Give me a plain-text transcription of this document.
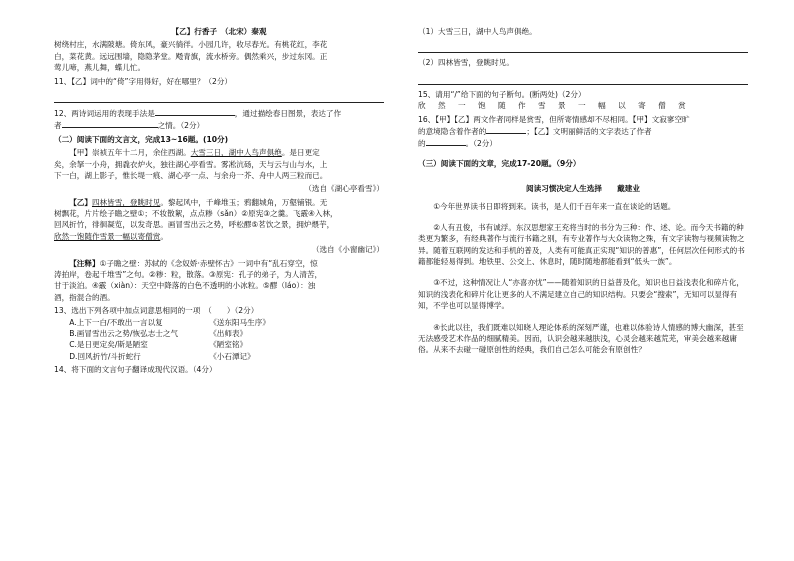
【乙】行香子　（北宋）秦观

树绕村庄，水满陂塘。倚东风，豪兴徜徉。小园几许，收尽春光。有桃花红，李花

白，菜花黄。远远围墙，隐隐茅堂。飏青旗，流水桥旁。偶然乘兴，步过东冈。正

莺儿啼，燕儿舞，蝶儿忙。

11、【乙】词中的“倚”字用得好，好在哪里？（2分）

12、两诗词运用的表现手法是	，通过描绘春日图景，表达了作

者	之情。（2分）

（二）阅读下面的文言文，完成13~16题。(10分)

【甲】崇祯五年十二月，余住西湖。大雪三日，湖中人鸟声俱绝。是日更定

矣，余拏一小舟，拥毳衣炉火，独往湖心亭看雪。雾凇沆砀，天与云与山与水，上

下一白，湖上影子，惟长堤一痕、湖心亭一点、与余舟一芥、舟中人两三粒而已。

（选自《湖心亭看雪》）

【乙】四林皆雪，登眺时见。黎起风中，千峰堆玉；鸦翻城角，万壑铺银。无

树飘花，片片绘子瞻之壁①；不妆散絮，点点糁（sǎn）②原宪③之羹。飞霰④入林，

回风折竹，徘徊凝览，以发奇思。画冒雪出云之势，呼松醪⑤茗饮之景，拥炉煨芋，

欣然一饱随作雪景一幅以寄僧赏。

（选自《小窗幽记》）

【注释】①子瞻之壁：苏轼的《念奴娇·赤壁怀古》一词中有“乱石穿空，惊

涛拍岸，卷起千堆雪”之句。②糁：粒，散落。③原宪：孔子的弟子，为人清苦，

甘于淡泊。④霰（xiàn）：天空中降落的白色不透明的小冰粒。⑤醪（láo）：浊

酒，指混合的酒。

13、选出下列各项中加点词意思相同的一项　（　　）（2分）

A.上下一白/不敢出一言以复	《送东阳马生序》
B.画冒雪出云之势/恢弘志士之气	《出师表》
C.是日更定矣/斯是陋室	《陋室铭》
D.回风折竹/斗折蛇行	《小石潭记》

14、将下面的文言句子翻译成现代汉语。（4分）

（1）大雪三日，湖中人鸟声俱绝。

（2）四林皆雪，登眺时见。

15、请用“/”给下面的句子断句。(断两处)（2分）

欣 然 一 饱 随 作 雪 景 一 幅 以 寄 僧 赏

16、【甲】【乙】两文作者同样是赏雪，但所寄情感却不尽相同。【甲】文寂寥空旷

的意境隐含着作者的	；【乙】文明丽鲜活的文字表达了作者

的	。（2分）

（三）阅读下面的文章，完成17-20题。（9分）

阅读习惯决定人生选择　　戴建业

①今年世界读书日即将到来。读书，是人们千百年来一直在谈论的话题。

②人有丑俊，书有诚浮。东汉思想家王充将当时的书分为三种：作、述、论。而今天书籍的种类更为繁多，有经典著作与流行书籍之别，有专业著作与大众读物之殊，有文字读物与视频读物之异。随着互联网的发达和手机的普及，人类有可能真正实现“知识的普惠”，任何层次任何形式的书籍都能轻易得到。地铁里、公交上、休息时，随时随地都能看到“低头一族”。

③不过，这种情况让人“亦喜亦忧”——随着知识的日益普及化，知识也日益浅表化和碎片化，知识的浅表化和碎片化让更多的人不满足建立自己的知识结构。只要会“搜索”，无知可以显得有知，不学也可以显得博学。

④长此以往，我们既难以知晓人理论体系的深刻严谨，也难以体验诗人情感的博大幽深，甚至无法感受艺术作品的细腻精美。因而，认识会越来越肤浅，心灵会越来越荒芜，审美会越来越庸俗。从来不去碰一碰原创性的经典，我们自己怎么可能会有原创性？
